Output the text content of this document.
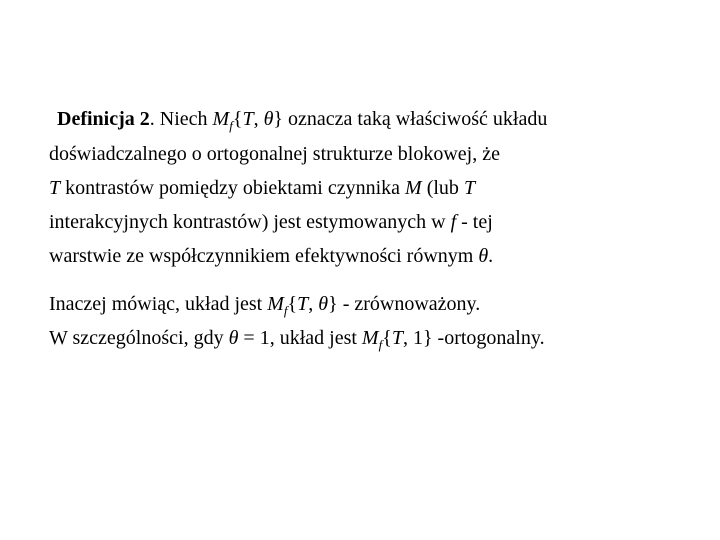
Definicja 2. Niech $M_f\{T$, θ} oznacza taką właściwość układu
doświadczalnego o ortogonalnej strukturze blokowej, że
T kontrastów pomiędzy obiektami czynnika M (lub T
interakcyjnych kontrastów) jest estymowanych w f - tej
warstwie ze współczynnikiem efektywności równym θ.
Inaczej mówiąc, układ jest $M_f\{T$, θ} - zrównoważony.
W szczególności, gdy θ = 1, układ jest $M_f\{T$, 1} -ortogonalny.
